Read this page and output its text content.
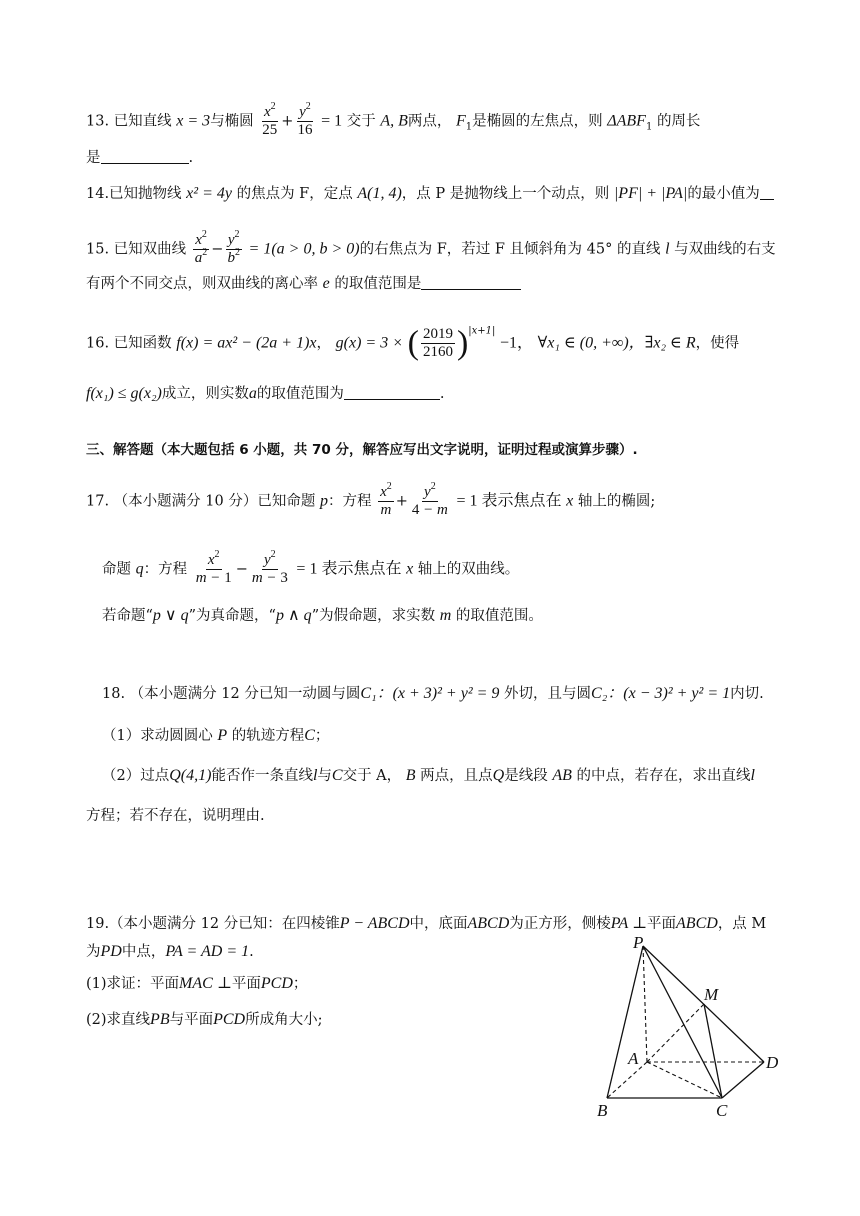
13. 已知直线 x = 3与椭圆 $\frac{x^2}{25} + \frac{y^2}{16} = 1$ 交于 A, B两点， $F_1$是椭圆的左焦点，则 $\Delta ABF_1$ 的周长
是	.
14.已知抛物线 x² = 4y 的焦点为 F，定点 A(1, 4)，点 P 是抛物线上一个动点，则 |PF| + |PA|的最小值为
15. 已知双曲线 $\frac{x^2}{a^2} - \frac{y^2}{b^2} = 1(a > 0$, b > 0)的右焦点为 F，若过 F 且倾斜角为 45° 的直线 l 与双曲线的右支
有两个不同交点，则双曲线的离心率 e 的取值范围是
16. 已知函数 f(x) = ax² − (2a + 1)x， g(x) = 3 × ( $\frac{2019}{2160} )^{|x+1|} -1$， ∀x₁ ∈ (0, +∞)，∃x₂ ∈ R，使得
f(x₁) ≤ g(x₂)成立，则实数a的取值范围为	.
三、解答题（本大题包括 6 小题，共 70 分，解答应写出文字说明，证明过程或演算步骤）.
17. （本小题满分 10 分）已知命题 p：方程 $\frac{x^2}{m} + \frac{y^2}{4 - m} = 1$ 表示焦点在 x 轴上的椭圆;
命题 q：方程 $\frac{x^2}{m - 1} - \frac{y^2}{m - 3} = 1$ 表示焦点在 x 轴上的双曲线。
若命题“p ∨ q”为真命题，“p ∧ q”为假命题，求实数 m 的取值范围。
18. （本小题满分 12 分已知一动圆与圆C₁：(x + 3)² + y² = 9 外切，且与圆C₂：(x − 3)² + y² = 1内切.
（1）求动圆圆心 P 的轨迹方程C；
（2）过点Q(4,1)能否作一条直线l与C交于 A， B 两点，且点Q是线段 AB 的中点，若存在，求出直线l
方程；若不存在，说明理由.
19.（本小题满分 12 分已知：在四棱锥P − ABCD中，底面ABCD为正方形，侧棱PA ⊥平面ABCD，点 M
为PD中点，PA = AD = 1.
(1)求证：平面MAC ⊥平面PCD；
(2)求直线PB与平面PCD所成角大小;
P
M
A	D
B	C
